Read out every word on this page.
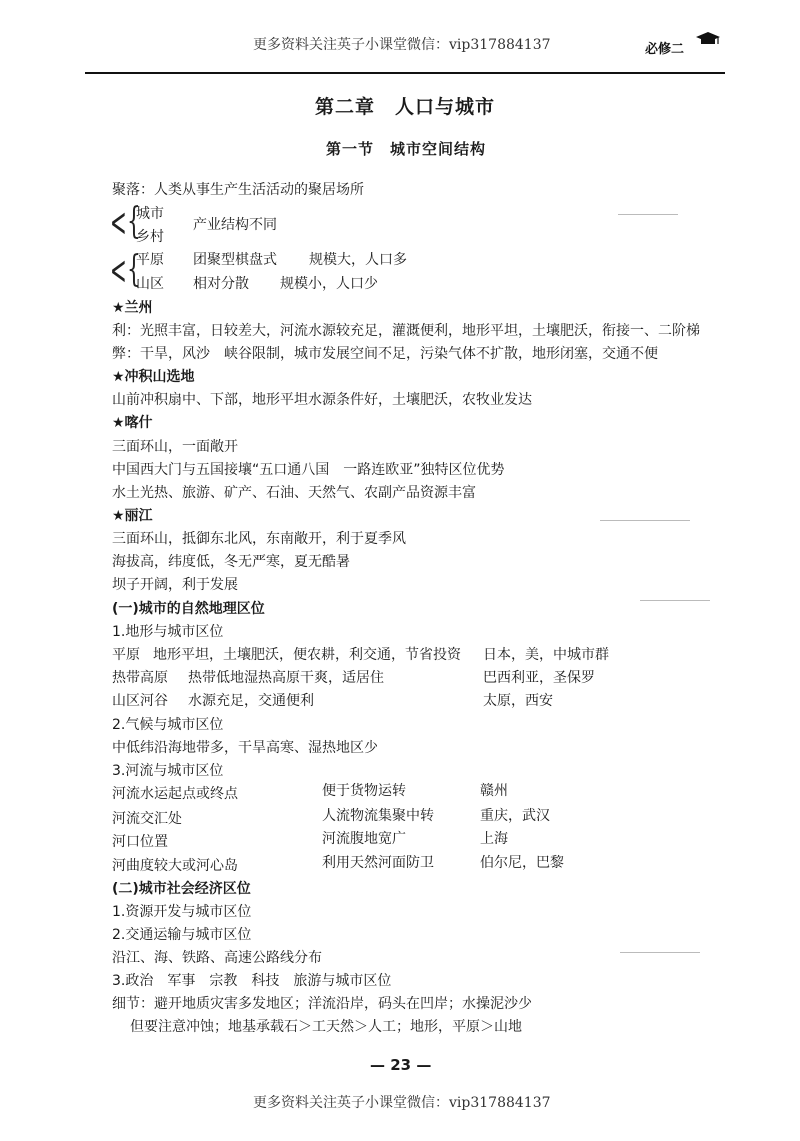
更多资料关注英子小课堂微信：vip317884137	必修二
第二章　人口与城市
第一节　城市空间结构
聚落：人类从事生产生活活动的聚居场所
< {
城市
乡村
产业结构不同
< {
平原 团聚型棋盘式 规模大，人口多
山区 相对分散 规模小，人口少
★兰州
利：光照丰富，日较差大，河流水源较充足，灌溉便利，地形平坦，土壤肥沃，衔接一、二阶梯
弊：干旱，风沙　峡谷限制，城市发展空间不足，污染气体不扩散，地形闭塞，交通不便
★冲积山选地
山前冲积扇中、下部，地形平坦水源条件好，土壤肥沃，农牧业发达
★喀什
三面环山，一面敞开
中国西大门与五国接壤“五口通八国　一路连欧亚”独特区位优势
水土光热、旅游、矿产、石油、天然气、农副产品资源丰富
★丽江
三面环山，抵御东北风，东南敞开，利于夏季风
海拔高，纬度低，冬无严寒，夏无酷暑
坝子开阔，利于发展
(一)城市的自然地理区位
1.地形与城市区位
平原 地形平坦，土壤肥沃，便农耕，利交通，节省投资 日本，美，中城市群
热带高原 热带低地湿热高原干爽，适居住	巴西利亚，圣保罗
山区河谷 水源充足，交通便利	太原，西安
2.气候与城市区位
中低纬沿海地带多，干旱高寒、湿热地区少
3.河流与城市区位
河流水运起点或终点	便于货物运转	赣州
河流交汇处	人流物流集聚中转	重庆，武汉
河口位置	河流腹地宽广	上海
河曲度较大或河心岛	利用天然河面防卫	伯尔尼，巴黎
(二)城市社会经济区位
1.资源开发与城市区位
2.交通运输与城市区位
沿江、海、铁路、高速公路线分布
3.政治　军事　宗教　科技　旅游与城市区位
细节：避开地质灾害多发地区；洋流沿岸，码头在凹岸；水操泥沙少
但要注意冲蚀；地基承载石＞工天然＞人工；地形，平原＞山地
— 23 —
更多资料关注英子小课堂微信：vip317884137
